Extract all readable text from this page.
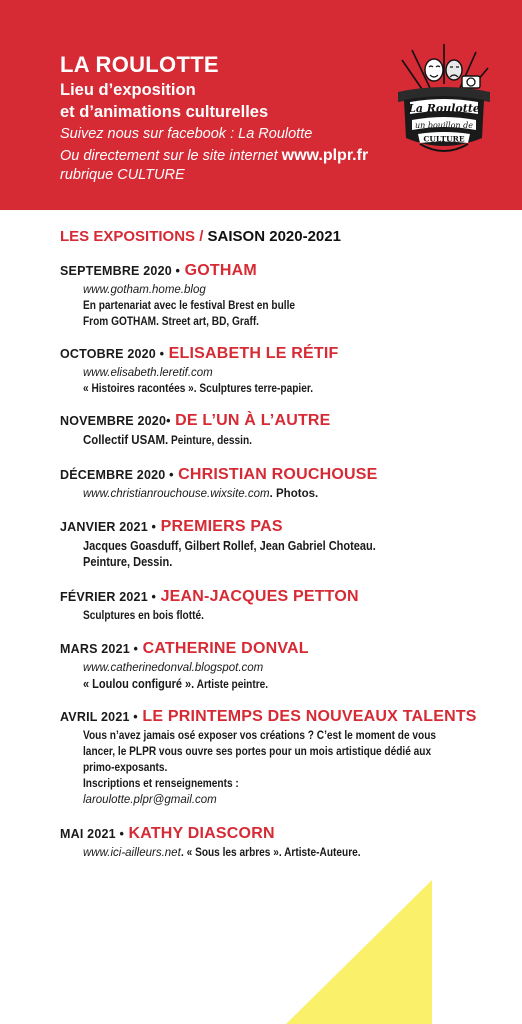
LA ROULOTTE
Lieu d’exposition
et d’animations culturelles
Suivez nous sur facebook : La Roulotte
Ou directement sur le site internet www.plpr.fr
rubrique CULTURE
La Roulotte
un bouillon de
CULTURE
LES EXPOSITIONS / SAISON 2020-2021
SEPTEMBRE 2020 • GOTHAM
www.gotham.home.blog
En partenariat avec le festival Brest en bulle
From GOTHAM. Street art, BD, Graff.
OCTOBRE 2020 • ELISABETH LE RÉTIF
www.elisabeth.leretif.com
« Histoires racontées ». Sculptures terre-papier.
NOVEMBRE 2020• DE L’UN À L’AUTRE
Collectif USAM. Peinture, dessin.
DÉCEMBRE 2020 • CHRISTIAN ROUCHOUSE
www.christianrouchouse.wixsite.com. Photos.
JANVIER 2021 • PREMIERS PAS
Jacques Goasduff, Gilbert Rollef, Jean Gabriel Choteau.
Peinture, Dessin.
FÉVRIER 2021 • JEAN-JACQUES PETTON
Sculptures en bois flotté.
MARS 2021 • CATHERINE DONVAL
www.catherinedonval.blogspot.com
« Loulou configuré ». Artiste peintre.
AVRIL 2021 • LE PRINTEMPS DES NOUVEAUX TALENTS
Vous n’avez jamais osé exposer vos créations ? C’est le moment de vous
lancer, le PLPR vous ouvre ses portes pour un mois artistique dédié aux
primo-exposants.
Inscriptions et renseignements :
laroulotte.plpr@gmail.com
MAI 2021 • KATHY DIASCORN
www.ici-ailleurs.net. « Sous les arbres ». Artiste-Auteure.
